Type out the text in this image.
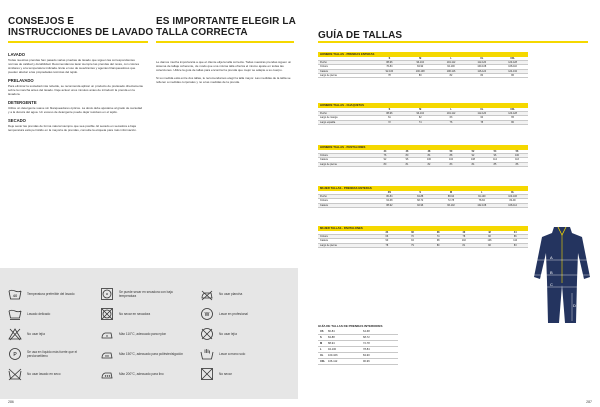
CONSEJOS E INSTRUCCIONES DE LAVADO
LAVADO
Todas nuestras prendas han pasado varias pruebas de lavado que siguen las correspondientes normas de calidad y durabilidad. Recomendamos lavar siempre las prendas del revés, con colores similares y a la temperatura indicada. Evite el uso de suavizantes y agentes blanqueadores que pueden afectar a las propiedades técnicas del tejido.
PRELAVADO
Para eliminar la suciedad más rebelde, se recomienda aplicar un producto de prelavado directamente sobre la mancha antes del lavado. Deje actuar unos minutos antes de introducir la prenda en la lavadora.
DETERGENTE
Utilice un detergente suave sin blanqueadores ópticos. La dosis debe ajustarse al grado de suciedad y a la dureza del agua. Un exceso de detergente puede dejar residuos en el tejido.
SECADO
Deje secar las prendas de forma natural siempre que sea posible. El secado en secadora a baja temperatura está permitido en la mayoría de prendas, consulte la etiqueta para más información.
ES IMPORTANTE ELEGIR LA TALLA CORRECTA
Le damos mucha importancia a que el cliente elija la talla correcta. Todas nuestras prendas siguen un sistema de tallaje coherente, de modo que una misma talla ofrezca el mismo ajuste en todas las colecciones. Utilice la guía de tallas para encontrar la prenda que mejor se adapte a su cuerpo.
Si su medida está entre dos tallas, le recomendamos elegir la talla mayor. Las medidas de la tabla se refieren a medidas corporales y no a las medidas de la prenda.
40	Temperatura preferible del lavado
Lavado delicado
No usar lejía
P	Se usa en líquido más fuerte que el percloroetileno
No usar lavado en seco
Se puede secar en secadora con baja temperatura
No secar en secadora
Máx 110°C, adecuado para nylon
Máx 150°C, adecuado para poliéster/algodón
Máx 200°C, adecuado para lino
No usar plancha
W	Lavar en profesional
No usar lejía
Lavar a mano solo
No secar
286
GUÍA DE TALLAS
HOMBRE TALLAS · PRENDAS ENTERAS
S	M	L	XL	XXL
Pecho	88-96	96-104	104-112	112-120	120-128
Cintura	76-84	84-92	92-100	100-108	108-116
Cadera	92-100	100-108	108-116	116-124	124-132
Largo de pierna	78	80	82	84	86
HOMBRE TALLAS · CHAQUETAS
S	M	L	XL	XXL
Pecho	88-96	96-104	104-112	112-120	120-128
Largo de manga	61	62	63	64	65
Largo espalda	72	74	76	78	80
HOMBRE TALLAS · PANTALONES
44	46	48	50	52	54	56
Cintura	76	80	84	88	92	96	100
Cadera	92	96	100	104	108	112	116
Largo de pierna	80	81	82	83	84	85	86
MUJER TALLAS · PRENDAS ENTERAS
XS	S	M	L	XL
Pecho	80-84	84-88	88-94	94-100	100-106
Cintura	64-68	68-72	72-78	78-84	84-90
Cadera	88-92	92-96	96-102	102-108	108-114
MUJER TALLAS · PANTALONES
34	36	38	40	42	44
Cintura	66	70	74	78	82	86
Cadera	90	94	98	102	106	110
Largo de pierna	78	79	80	81	82	83
GUÍA DE TALLAS DE PRENDAS INTERIORES
XS	80-84	64-68
S	84-88	68-72
M	88-94	72-78
L	94-100	78-84
XL	100-106	84-90
XXL	106-112	90-96
A
B
C
D
287
